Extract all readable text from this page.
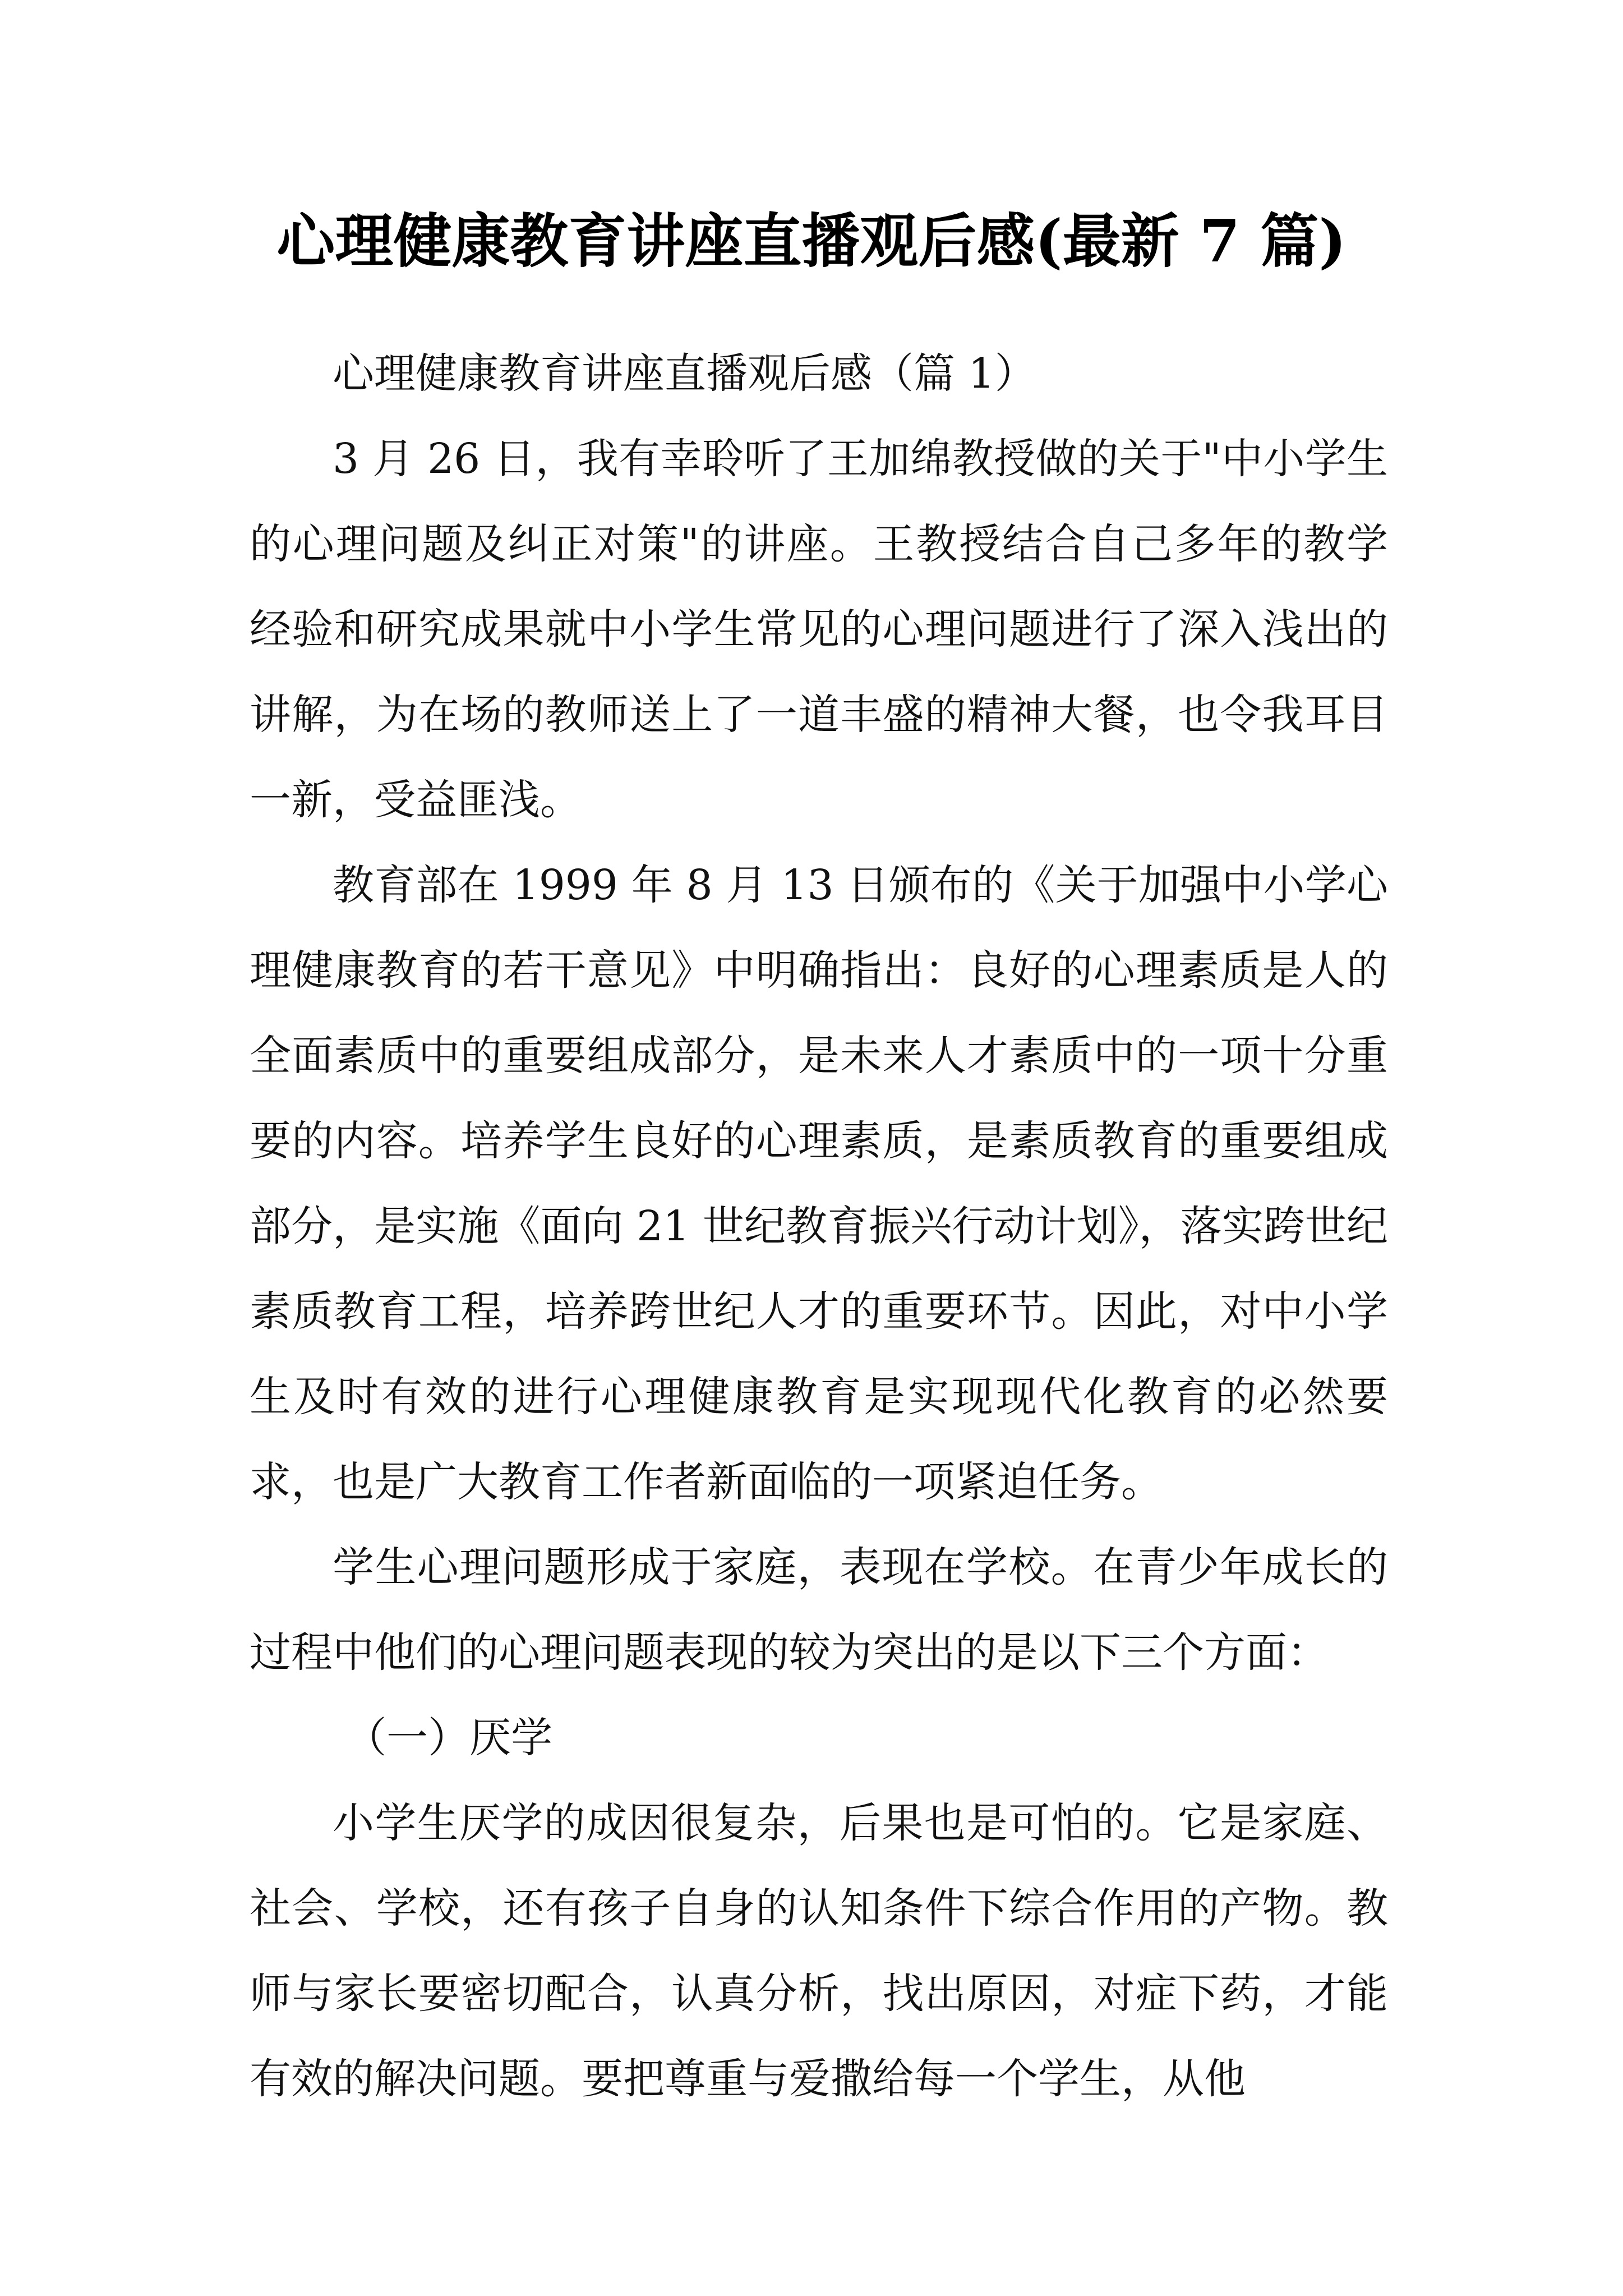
心理健康教育讲座直播观后感(最新 7 篇)

心理健康教育讲座直播观后感（篇 1）

3 月 26 日，我有幸聆听了王加绵教授做的关于"中小学生的心理问题及纠正对策"的讲座。王教授结合自己多年的教学经验和研究成果就中小学生常见的心理问题进行了深入浅出的讲解，为在场的教师送上了一道丰盛的精神大餐，也令我耳目一新，受益匪浅。

教育部在 1999 年 8 月 13 日颁布的《关于加强中小学心理健康教育的若干意见》中明确指出：良好的心理素质是人的全面素质中的重要组成部分，是未来人才素质中的一项十分重要的内容。培养学生良好的心理素质，是素质教育的重要组成部分，是实施《面向 21 世纪教育振兴行动计划》，落实跨世纪素质教育工程，培养跨世纪人才的重要环节。因此，对中小学生及时有效的进行心理健康教育是实现现代化教育的必然要求，也是广大教育工作者新面临的一项紧迫任务。

学生心理问题形成于家庭，表现在学校。在青少年成长的过程中他们的心理问题表现的较为突出的是以下三个方面：

（一）厌学

小学生厌学的成因很复杂，后果也是可怕的。它是家庭、社会、学校，还有孩子自身的认知条件下综合作用的产物。教师与家长要密切配合，认真分析，找出原因，对症下药，才能有效的解决问题。要把尊重与爱撒给每一个学生，从他
